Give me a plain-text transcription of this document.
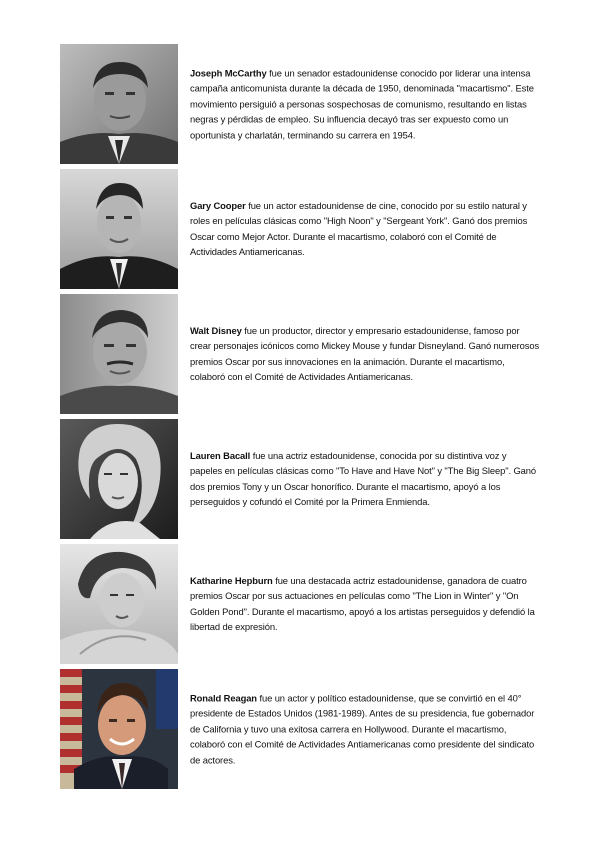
Joseph McCarthy fue un senador estadounidense conocido por liderar una intensa campaña anticomunista durante la década de 1950, denominada "macartismo". Este movimiento persiguió a personas sospechosas de comunismo, resultando en listas negras y pérdidas de empleo. Su influencia decayó tras ser expuesto como un oportunista y charlatán, terminando su carrera en 1954.
Gary Cooper fue un actor estadounidense de cine, conocido por su estilo natural y roles en películas clásicas como "High Noon" y "Sergeant York". Ganó dos premios Oscar como Mejor Actor. Durante el macartismo, colaboró con el Comité de Actividades Antiamericanas.
Walt Disney fue un productor, director y empresario estadounidense, famoso por crear personajes icónicos como Mickey Mouse y fundar Disneyland. Ganó numerosos premios Oscar por sus innovaciones en la animación. Durante el macartismo, colaboró con el Comité de Actividades Antiamericanas.
Lauren Bacall fue una actriz estadounidense, conocida por su distintiva voz y papeles en películas clásicas como "To Have and Have Not" y "The Big Sleep". Ganó dos premios Tony y un Oscar honorífico. Durante el macartismo, apoyó a los perseguidos y cofundó el Comité por la Primera Enmienda.
Katharine Hepburn fue una destacada actriz estadounidense, ganadora de cuatro premios Oscar por sus actuaciones en películas como "The Lion in Winter" y "On Golden Pond". Durante el macartismo, apoyó a los artistas perseguidos y defendió la libertad de expresión.
Ronald Reagan fue un actor y político estadounidense, que se convirtió en el 40° presidente de Estados Unidos (1981-1989). Antes de su presidencia, fue gobernador de California y tuvo una exitosa carrera en Hollywood. Durante el macartismo, colaboró con el Comité de Actividades Antiamericanas como presidente del sindicato de actores.
